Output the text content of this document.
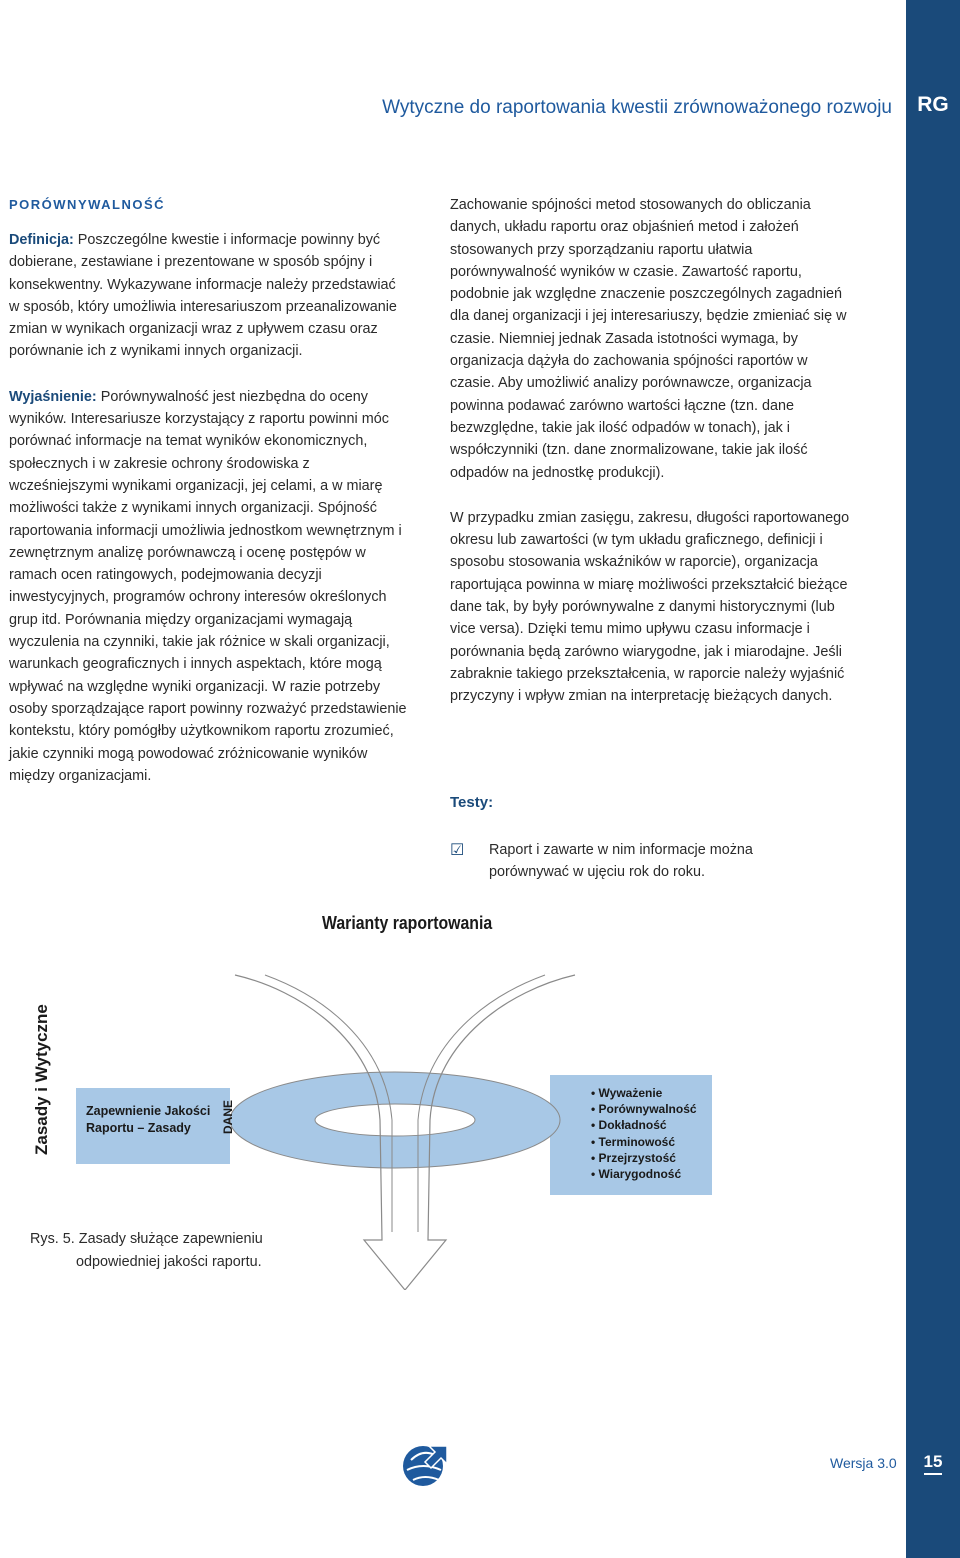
RG
Wytyczne do raportowania kwestii zrównoważonego rozwoju
PORÓWNYWALNOŚĆ

Definicja: Poszczególne kwestie i informacje powinny być dobierane, zestawiane i prezentowane w sposób spójny i konsekwentny. Wykazywane informacje należy przedstawiać w sposób, który umożliwia interesariuszom przeanalizowanie zmian w wynikach organizacji wraz z upływem czasu oraz porównanie ich z wynikami innych organizacji.

Wyjaśnienie: Porównywalność jest niezbędna do oceny wyników. Interesariusze korzystający z raportu powinni móc porównać informacje na temat wyników ekonomicznych, społecznych i w zakresie ochrony środowiska z wcześniejszymi wynikami organizacji, jej celami, a w miarę możliwości także z wynikami innych organizacji. Spójność raportowania informacji umożliwia jednostkom wewnętrznym i zewnętrznym analizę porównawczą i ocenę postępów w ramach ocen ratingowych, podejmowania decyzji inwestycyjnych, programów ochrony interesów określonych grup itd. Porównania między organizacjami wymagają wyczulenia na czynniki, takie jak różnice w skali organizacji, warunkach geograficznych i innych aspektach, które mogą wpływać na względne wyniki organizacji. W razie potrzeby osoby sporządzające raport powinny rozważyć przedstawienie kontekstu, który pomógłby użytkownikom raportu zrozumieć, jakie czynniki mogą powodować zróżnicowanie wyników między organizacjami.

Zachowanie spójności metod stosowanych do obliczania danych, układu raportu oraz objaśnień metod i założeń stosowanych przy sporządzaniu raportu ułatwia porównywalność wyników w czasie. Zawartość raportu, podobnie jak względne znaczenie poszczególnych zagadnień dla danej organizacji i jej interesariuszy, będzie zmieniać się w czasie. Niemniej jednak Zasada istotności wymaga, by organizacja dążyła do zachowania spójności raportów w czasie. Aby umożliwić analizy porównawcze, organizacja powinna podawać zarówno wartości łączne (tzn. dane bezwzględne, takie jak ilość odpadów w tonach), jak i współczynniki (tzn. dane znormalizowane, takie jak ilość odpadów na jednostkę produkcji).

W przypadku zmian zasięgu, zakresu, długości raportowanego okresu lub zawartości (w tym układu graficznego, definicji i sposobu stosowania wskaźników w raporcie), organizacja raportująca powinna w miarę możliwości przekształcić bieżące dane tak, by były porównywalne z danymi historycznymi (lub vice versa). Dzięki temu mimo upływu czasu informacje i porównania będą zarówno wiarygodne, jak i miarodajne. Jeśli zabraknie takiego przekształcenia, w raporcie należy wyjaśnić przyczyny i wpływ zmian na interpretację bieżących danych.

Testy:
☑ Raport i zawarte w nim informacje można porównywać w ujęciu rok do roku.
Warianty raportowania
Zasady i Wytyczne	Zapewnienie Jakości
Raportu – Zasady	DANE
• Wyważenie
• Porównywalność
• Dokładność
• Terminowość
• Przejrzystość
• Wiarygodność
Rys. 5. Zasady służące zapewnieniu
odpowiedniej jakości raportu.
Wersja 3.0	15
